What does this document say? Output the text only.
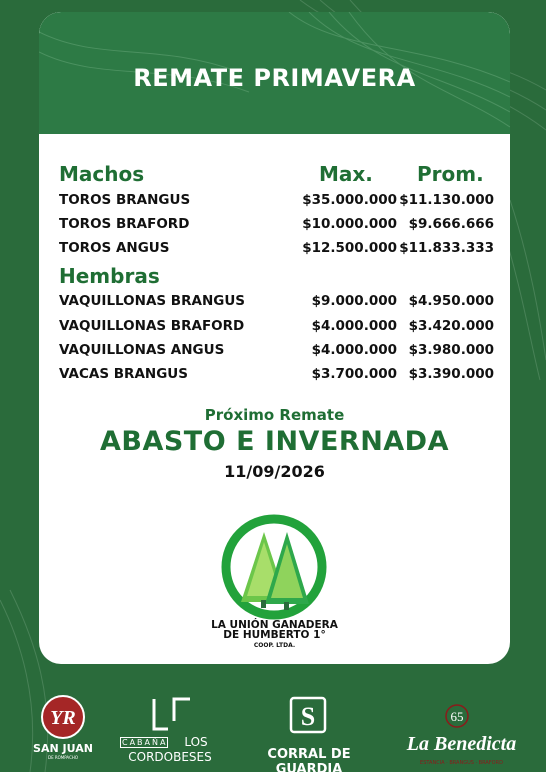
REMATE PRIMAVERA
Machos	Max. Prom.
TOROS BRANGUS	$35.000.000 $11.130.000
TOROS BRAFORD	$10.000.000 $9.666.666
TOROS ANGUS	$12.500.000 $11.833.333
Hembras
VAQUILLONAS BRANGUS	$9.000.000 $4.950.000
VAQUILLONAS BRAFORD	$4.000.000 $3.420.000
VAQUILLONAS ANGUS	$4.000.000 $3.980.000
VACAS BRANGUS	$3.700.000 $3.390.000
Próximo Remate
ABASTO E INVERNADA
11/09/2026
LA UNIÓN GANADERA
DE HUMBERTO 1°
COOP. LTDA.
YR
SAN JUAN
DE ROMPACHO
CABAÑA	LOS
CORDOBESES
S
CORRAL DE GUARDIA
65
La Benedicta
ESTANCIA · BRANGUS · BRAFORD
